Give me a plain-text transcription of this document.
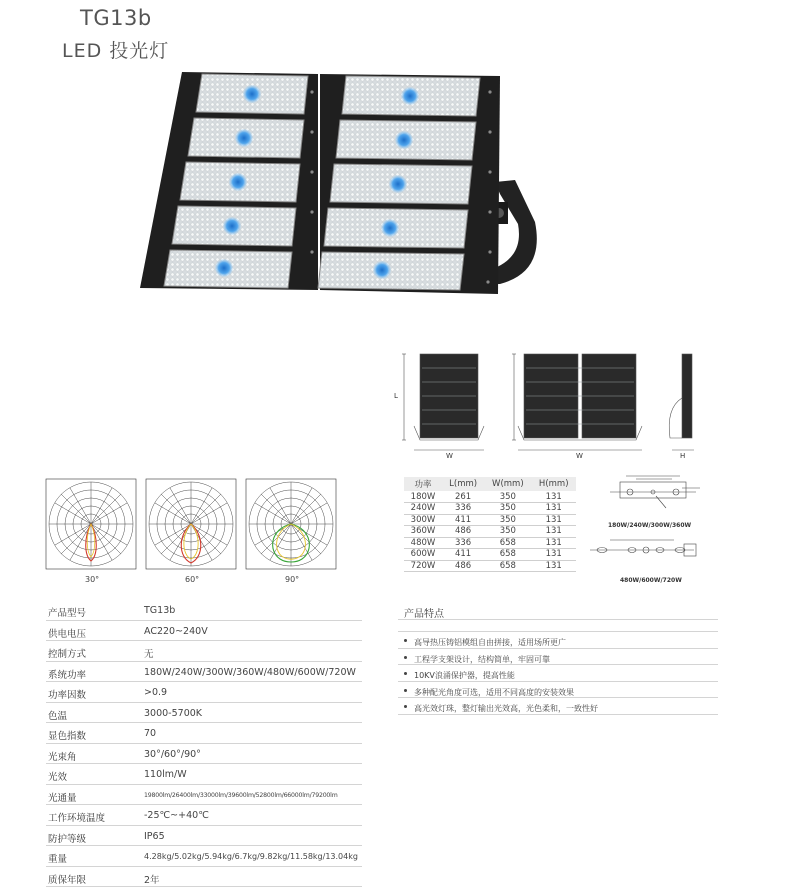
TG13b
LED 投光灯
L
W	W	H
功率	L(mm)	W(mm)	H(mm)
180W	261	350	131
240W	336	350	131
300W	411	350	131
360W	486	350	131
480W	336	658	131
600W	411	658	131
720W	486	658	131
180W/240W/300W/360W
480W/600W/720W
30°	60°	90°
产品型号	TG13b
供电电压	AC220~240V
控制方式	无
系统功率	180W/240W/300W/360W/480W/600W/720W
功率因数	>0.9
色温	3000-5700K
显色指数	70
光束角	30°/60°/90°
光效	110lm/W
光通量	19800lm/26400lm/33000lm/39600lm/52800lm/66000lm/79200lm
工作环境温度	-25℃~+40℃
防护等级	IP65
重量	4.28kg/5.02kg/5.94kg/6.7kg/9.82kg/11.58kg/13.04kg
质保年限	2年
产品特点
高导热压铸铝模组自由拼接，适用场所更广
工程学支架设计，结构简单，牢固可靠
10KV浪涌保护器，提高性能
多种配光角度可选，适用不同高度的安装效果
高光效灯珠，整灯输出光效高，光色柔和，一致性好
